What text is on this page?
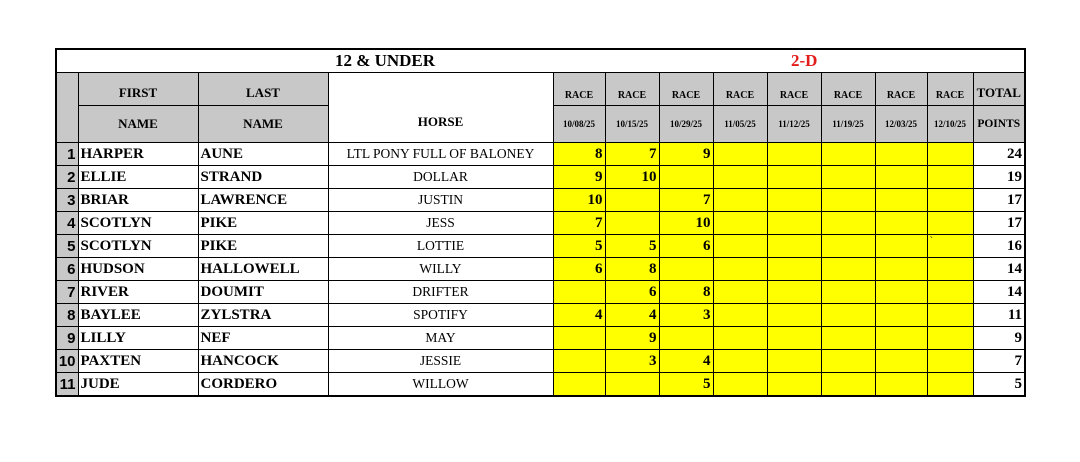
12 & UNDER							2-D					
	FIRST	LAST	HORSE	RACE	RACE	RACE	RACE	RACE	RACE	RACE	RACE	TOTAL
	NAME	NAME		10/08/25	10/15/25	10/29/25	11/05/25	11/12/25	11/19/25	12/03/25	12/10/25	POINTS
1	HARPER	AUNE	LTL PONY FULL OF BALONEY	8	7	9						24
2	ELLIE	STRAND	DOLLAR	9	10							19
3	BRIAR	LAWRENCE	JUSTIN	10		7						17
4	SCOTLYN	PIKE	JESS	7		10						17
5	SCOTLYN	PIKE	LOTTIE	5	5	6					`	16
6	HUDSON	HALLOWELL	WILLY	6	8							14
7	RIVER	DOUMIT	DRIFTER		6	8						14
8	BAYLEE	ZYLSTRA	SPOTIFY	4	4	3						11
9	LILLY	NEF	MAY		9							9
10	PAXTEN	HANCOCK	JESSIE		3	4						7
11	JUDE	CORDERO	WILLOW			5						5
